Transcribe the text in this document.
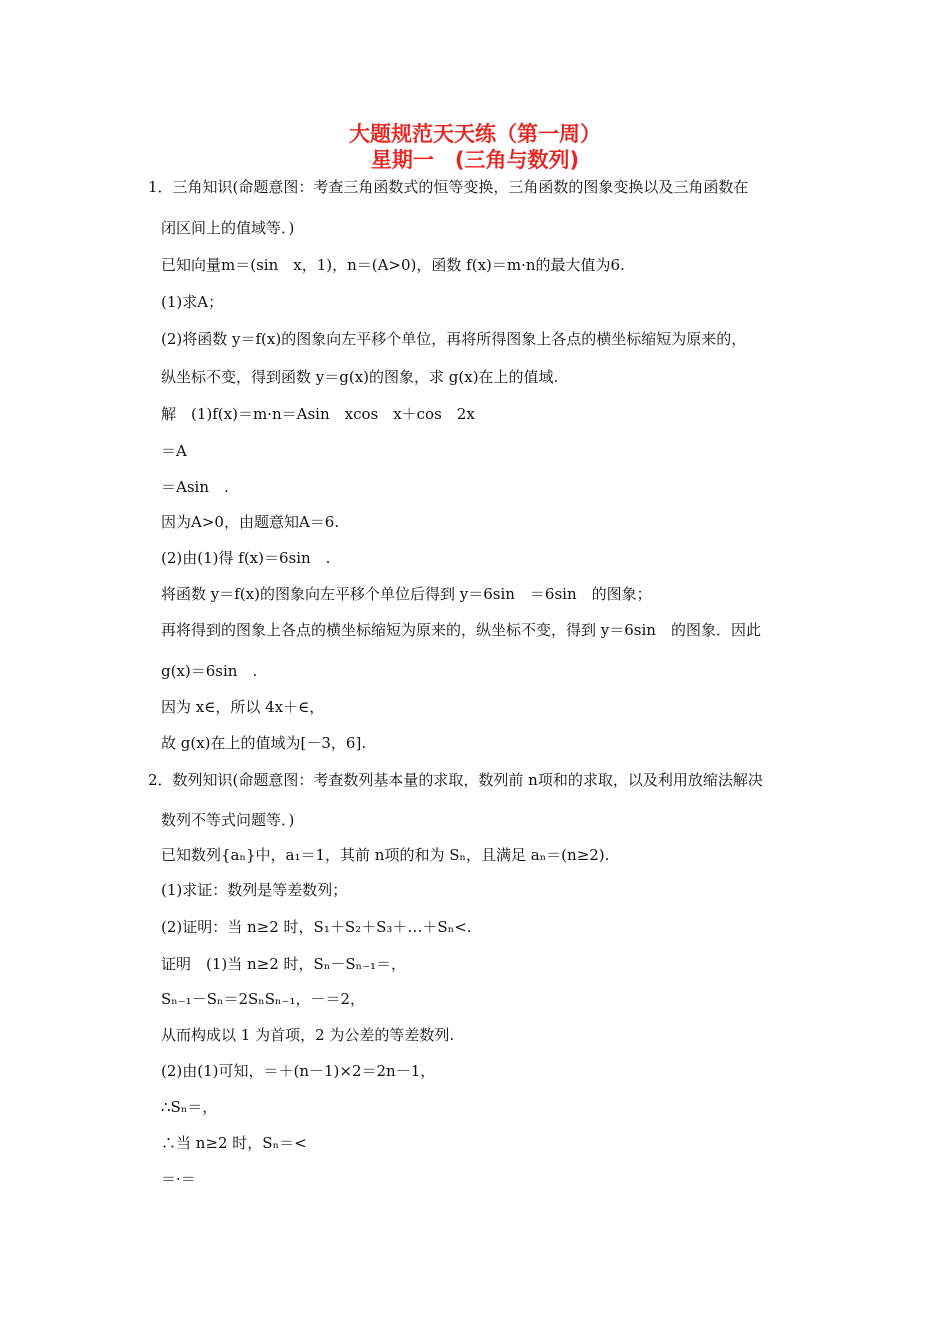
大题规范天天练（第一周）
星期一　(三角与数列)
1．三角知识(命题意图：考查三角函数式的恒等变换，三角函数的图象变换以及三角函数在
闭区间上的值域等．)
已知向量m＝(sin　x，1)，n＝(A>0)，函数 f(x)＝m·n的最大值为6.
(1)求A；
(2)将函数 y＝f(x)的图象向左平移个单位，再将所得图象上各点的横坐标缩短为原来的，
纵坐标不变，得到函数 y＝g(x)的图象，求 g(x)在上的值域.
解　(1)f(x)＝m·n＝Asin　xcos　x＋cos　2x
＝A
＝Asin　.
因为A>0，由题意知A＝6.
(2)由(1)得 f(x)＝6sin　.
将函数 y＝f(x)的图象向左平移个单位后得到 y＝6sin　＝6sin　的图象；
再将得到的图象上各点的横坐标缩短为原来的，纵坐标不变，得到 y＝6sin　的图象．因此
g(x)＝6sin　.
因为 x∈，所以 4x＋∈，
故 g(x)在上的值域为[－3，6].
2．数列知识(命题意图：考查数列基本量的求取，数列前 n项和的求取，以及利用放缩法解决
数列不等式问题等．)
已知数列{aₙ}中，a₁＝1，其前 n项的和为 Sₙ，且满足 aₙ＝(n≥2).
(1)求证：数列是等差数列；
(2)证明：当 n≥2 时，S₁＋S₂＋S₃＋…＋Sₙ<.
证明　(1)当 n≥2 时，Sₙ－Sₙ₋₁＝，
Sₙ₋₁－Sₙ＝2SₙSₙ₋₁，－＝2，
从而构成以 1 为首项，2 为公差的等差数列.
(2)由(1)可知，＝＋(n－1)×2＝2n－1，
∴Sₙ＝，
∴当 n≥2 时，Sₙ＝<
＝·＝
